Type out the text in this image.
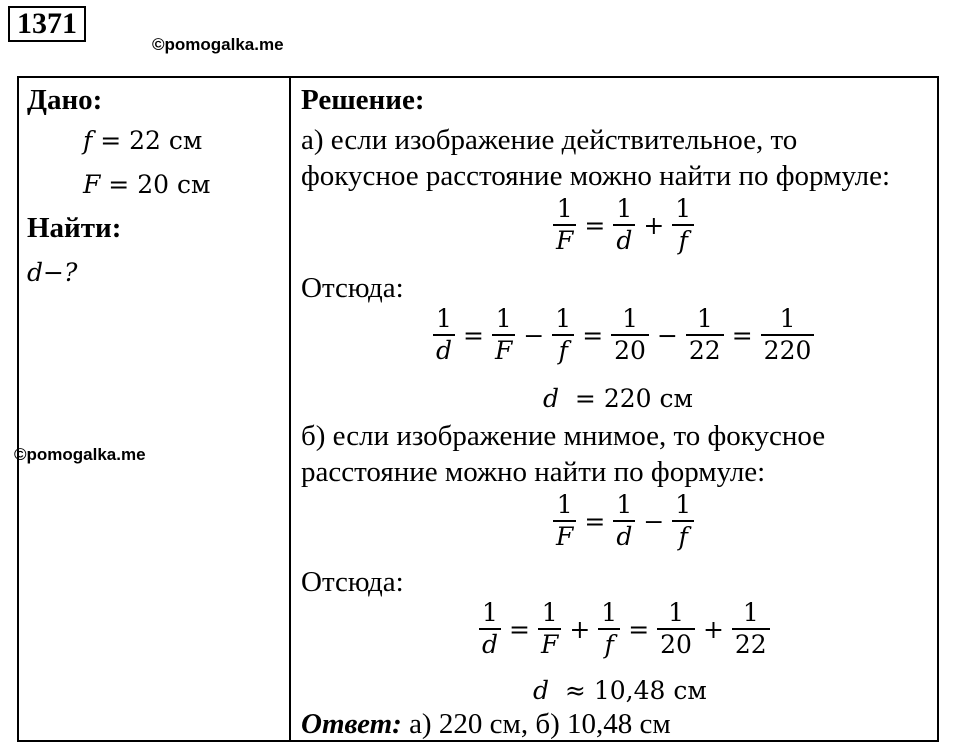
1371
©pomogalka.me
Дано:
f = 22 см
F = 20 см
Найти:
d−?
Решение:
а) если изображение действительное, то
фокусное расстояние можно найти по формуле:
$\frac{1}{F} = \frac{1}{d} + \frac{1}{f}$
Отсюда:
$\frac{1}{d} = \frac{1}{F} - \frac{1}{f} = \frac{1}{20} - \frac{1}{22} = \frac{1}{220}$
d  = 220 см
б) если изображение мнимое, то фокусное
расстояние можно найти по формуле:
$\frac{1}{F} = \frac{1}{d} - \frac{1}{f}$
Отсюда:
$\frac{1}{d} = \frac{1}{F} + \frac{1}{f} = \frac{1}{20} + \frac{1}{22}$
d  ≈ 10,48 см
Ответ: а) 220 см, б) 10,48 см
©pomogalka.me
